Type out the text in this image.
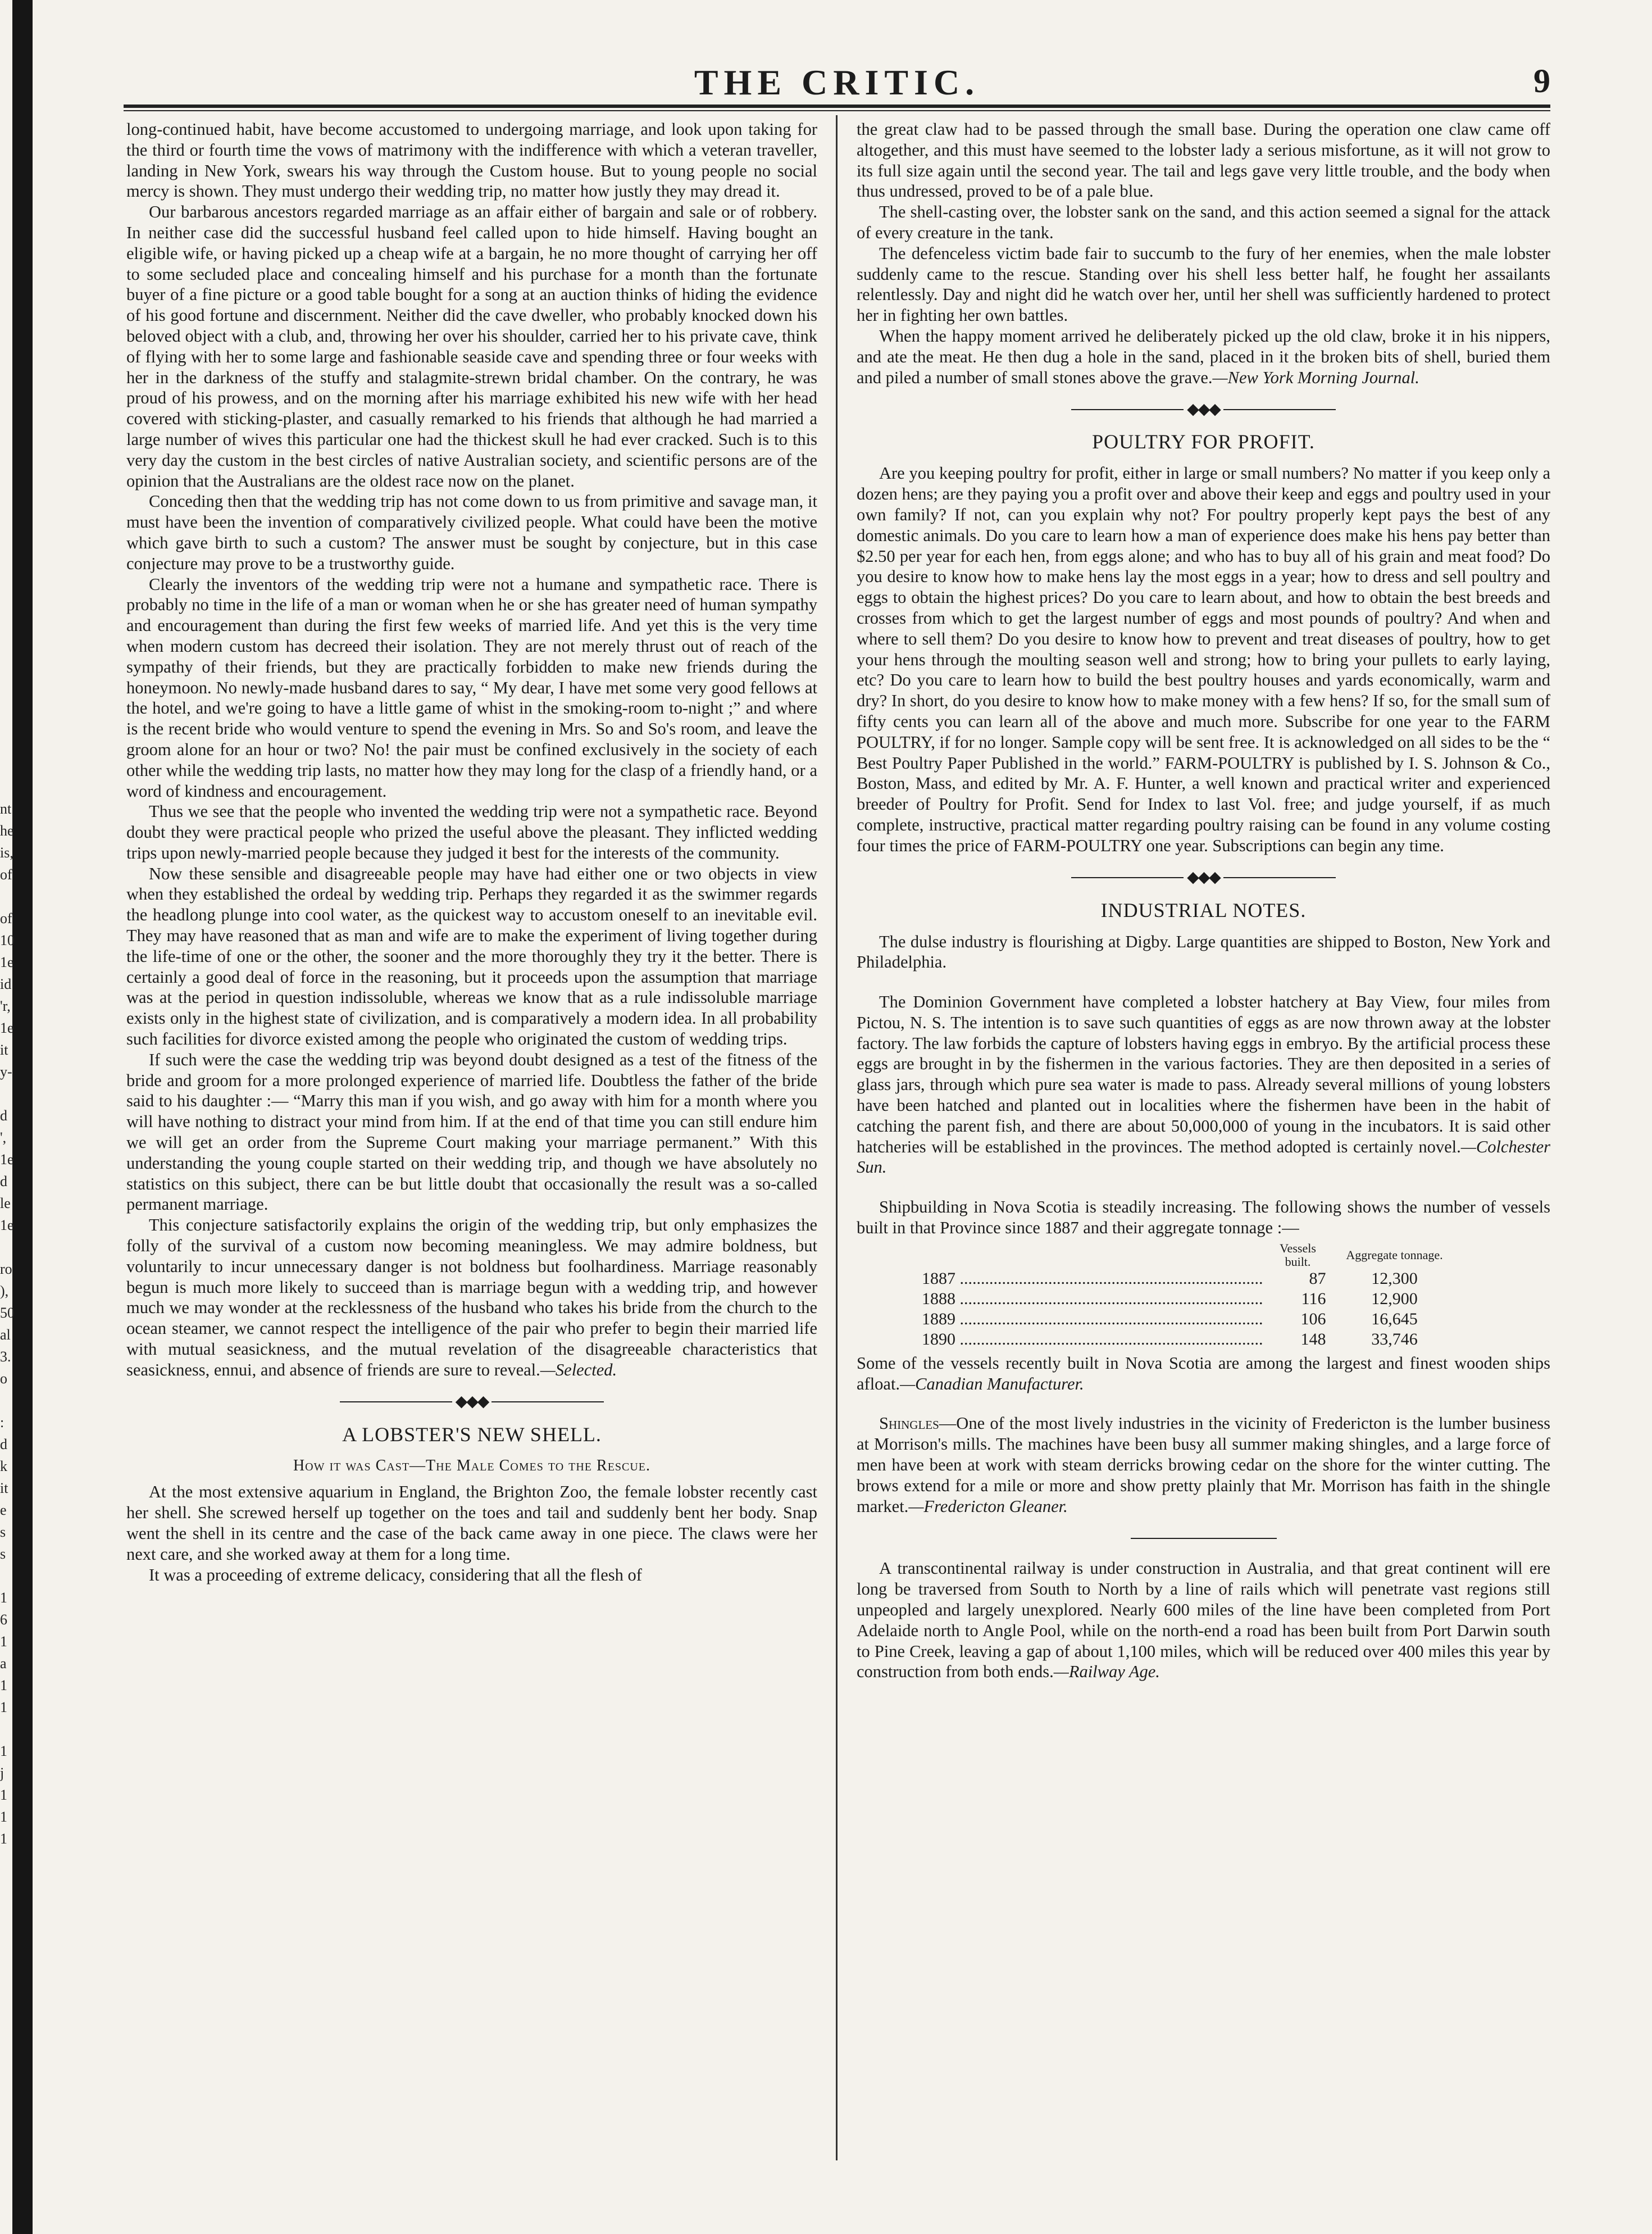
nt
he
is,
of
of
10
1e
id
'r,
1e
it
y-
d
',
1e
d
le
1e
ro
),
50
al
3.
o
:
d
k
it
e
s
s
1
6
1
a
1
1
1
j
1
1
1
THE CRITIC.	9

long-continued habit, have become accustomed to undergoing marriage, and look upon taking for the third or fourth time the vows of matrimony with the indifference with which a veteran traveller, landing in New York, swears his way through the Custom house. But to young people no social mercy is shown. They must undergo their wedding trip, no matter how justly they may dread it.

Our barbarous ancestors regarded marriage as an affair either of bargain and sale or of robbery. In neither case did the successful husband feel called upon to hide himself. Having bought an eligible wife, or having picked up a cheap wife at a bargain, he no more thought of carrying her off to some secluded place and concealing himself and his purchase for a month than the fortunate buyer of a fine picture or a good table bought for a song at an auction thinks of hiding the evidence of his good fortune and discernment. Neither did the cave dweller, who probably knocked down his beloved object with a club, and, throwing her over his shoulder, carried her to his private cave, think of flying with her to some large and fashionable seaside cave and spending three or four weeks with her in the darkness of the stuffy and stalagmite-strewn bridal chamber. On the contrary, he was proud of his prowess, and on the morning after his marriage exhibited his new wife with her head covered with sticking-plaster, and casually remarked to his friends that although he had married a large number of wives this particular one had the thickest skull he had ever cracked. Such is to this very day the custom in the best circles of native Australian society, and scientific persons are of the opinion that the Australians are the oldest race now on the planet.

Conceding then that the wedding trip has not come down to us from primitive and savage man, it must have been the invention of comparatively civilized people. What could have been the motive which gave birth to such a custom? The answer must be sought by conjecture, but in this case conjecture may prove to be a trustworthy guide.

Clearly the inventors of the wedding trip were not a humane and sympathetic race. There is probably no time in the life of a man or woman when he or she has greater need of human sympathy and encouragement than during the first few weeks of married life. And yet this is the very time when modern custom has decreed their isolation. They are not merely thrust out of reach of the sympathy of their friends, but they are practically forbidden to make new friends during the honeymoon. No newly-made husband dares to say, “ My dear, I have met some very good fellows at the hotel, and we're going to have a little game of whist in the smoking-room to-night ;” and where is the recent bride who would venture to spend the evening in Mrs. So and So's room, and leave the groom alone for an hour or two? No! the pair must be confined exclusively in the society of each other while the wedding trip lasts, no matter how they may long for the clasp of a friendly hand, or a word of kindness and encouragement.

Thus we see that the people who invented the wedding trip were not a sympathetic race. Beyond doubt they were practical people who prized the useful above the pleasant. They inflicted wedding trips upon newly-married people because they judged it best for the interests of the community.

Now these sensible and disagreeable people may have had either one or two objects in view when they established the ordeal by wedding trip. Perhaps they regarded it as the swimmer regards the headlong plunge into cool water, as the quickest way to accustom oneself to an inevitable evil. They may have reasoned that as man and wife are to make the experiment of living together during the life-time of one or the other, the sooner and the more thoroughly they try it the better. There is certainly a good deal of force in the reasoning, but it proceeds upon the assumption that marriage was at the period in question indissoluble, whereas we know that as a rule indissoluble marriage exists only in the highest state of civilization, and is comparatively a modern idea. In all probability such facilities for divorce existed among the people who originated the custom of wedding trips.

If such were the case the wedding trip was beyond doubt designed as a test of the fitness of the bride and groom for a more prolonged experience of married life. Doubtless the father of the bride said to his daughter :— “Marry this man if you wish, and go away with him for a month where you will have nothing to distract your mind from him. If at the end of that time you can still endure him we will get an order from the Supreme Court making your marriage permanent.” With this understanding the young couple started on their wedding trip, and though we have absolutely no statistics on this subject, there can be but little doubt that occasionally the result was a so-called permanent marriage.

This conjecture satisfactorily explains the origin of the wedding trip, but only emphasizes the folly of the survival of a custom now becoming meaningless. We may admire boldness, but voluntarily to incur unnecessary danger is not boldness but foolhardiness. Marriage reasonably begun is much more likely to succeed than is marriage begun with a wedding trip, and however much we may wonder at the recklessness of the husband who takes his bride from the church to the ocean steamer, we cannot respect the intelligence of the pair who prefer to begin their married life with mutual seasickness, and the mutual revelation of the disagreeable characteristics that seasickness, ennui, and absence of friends are sure to reveal.—Selected.

◆◆◆
A LOBSTER'S NEW SHELL.
How it was Cast—The Male Comes to the Rescue.

At the most extensive aquarium in England, the Brighton Zoo, the female lobster recently cast her shell. She screwed herself up together on the toes and tail and suddenly bent her body. Snap went the shell in its centre and the case of the back came away in one piece. The claws were her next care, and she worked away at them for a long time.

It was a proceeding of extreme delicacy, considering that all the flesh of

the great claw had to be passed through the small base. During the operation one claw came off altogether, and this must have seemed to the lobster lady a serious misfortune, as it will not grow to its full size again until the second year. The tail and legs gave very little trouble, and the body when thus undressed, proved to be of a pale blue.

The shell-casting over, the lobster sank on the sand, and this action seemed a signal for the attack of every creature in the tank.

The defenceless victim bade fair to succumb to the fury of her enemies, when the male lobster suddenly came to the rescue. Standing over his shell less better half, he fought her assailants relentlessly. Day and night did he watch over her, until her shell was sufficiently hardened to protect her in fighting her own battles.

When the happy moment arrived he deliberately picked up the old claw, broke it in his nippers, and ate the meat. He then dug a hole in the sand, placed in it the broken bits of shell, buried them and piled a number of small stones above the grave.—New York Morning Journal.

◆◆◆
POULTRY FOR PROFIT.

Are you keeping poultry for profit, either in large or small numbers? No matter if you keep only a dozen hens; are they paying you a profit over and above their keep and eggs and poultry used in your own family? If not, can you explain why not? For poultry properly kept pays the best of any domestic animals. Do you care to learn how a man of experience does make his hens pay better than $2.50 per year for each hen, from eggs alone; and who has to buy all of his grain and meat food? Do you desire to know how to make hens lay the most eggs in a year; how to dress and sell poultry and eggs to obtain the highest prices? Do you care to learn about, and how to obtain the best breeds and crosses from which to get the largest number of eggs and most pounds of poultry? And when and where to sell them? Do you desire to know how to prevent and treat diseases of poultry, how to get your hens through the moulting season well and strong; how to bring your pullets to early laying, etc? Do you care to learn how to build the best poultry houses and yards economically, warm and dry? In short, do you desire to know how to make money with a few hens? If so, for the small sum of fifty cents you can learn all of the above and much more. Subscribe for one year to the FARM POULTRY, if for no longer. Sample copy will be sent free. It is acknowledged on all sides to be the “ Best Poultry Paper Published in the world.” FARM-POULTRY is published by I. S. Johnson & Co., Boston, Mass, and edited by Mr. A. F. Hunter, a well known and practical writer and experienced breeder of Poultry for Profit. Send for Index to last Vol. free; and judge yourself, if as much complete, instructive, practical matter regarding poultry raising can be found in any volume costing four times the price of FARM-POULTRY one year. Subscriptions can begin any time.

◆◆◆
INDUSTRIAL NOTES.

The dulse industry is flourishing at Digby. Large quantities are shipped to Boston, New York and Philadelphia.

The Dominion Government have completed a lobster hatchery at Bay View, four miles from Pictou, N. S. The intention is to save such quantities of eggs as are now thrown away at the lobster factory. The law forbids the capture of lobsters having eggs in embryo. By the artificial process these eggs are brought in by the fishermen in the various factories. They are then deposited in a series of glass jars, through which pure sea water is made to pass. Already several millions of young lobsters have been hatched and planted out in localities where the fishermen have been in the habit of catching the parent fish, and there are about 50,000,000 of young in the incubators. It is said other hatcheries will be established in the provinces. The method adopted is certainly novel.—Colchester Sun.

Shipbuilding in Nova Scotia is steadily increasing. The following shows the number of vessels built in that Province since 1887 and their aggregate tonnage :—

	Vessels built.	Aggregate tonnage.
1887 ........................................................................	87	12,300
1888 ........................................................................	116	12,900
1889 ........................................................................	106	16,645
1890 ........................................................................	148	33,746

Some of the vessels recently built in Nova Scotia are among the largest and finest wooden ships afloat.—Canadian Manufacturer.

Shingles—One of the most lively industries in the vicinity of Fredericton is the lumber business at Morrison's mills. The machines have been busy all summer making shingles, and a large force of men have been at work with steam derricks browing cedar on the shore for the winter cutting. The brows extend for a mile or more and show pretty plainly that Mr. Morrison has faith in the shingle market.—Fredericton Gleaner.

A transcontinental railway is under construction in Australia, and that great continent will ere long be traversed from South to North by a line of rails which will penetrate vast regions still unpeopled and largely unexplored. Nearly 600 miles of the line have been completed from Port Adelaide north to Angle Pool, while on the north-end a road has been built from Port Darwin south to Pine Creek, leaving a gap of about 1,100 miles, which will be reduced over 400 miles this year by construction from both ends.—Railway Age.
